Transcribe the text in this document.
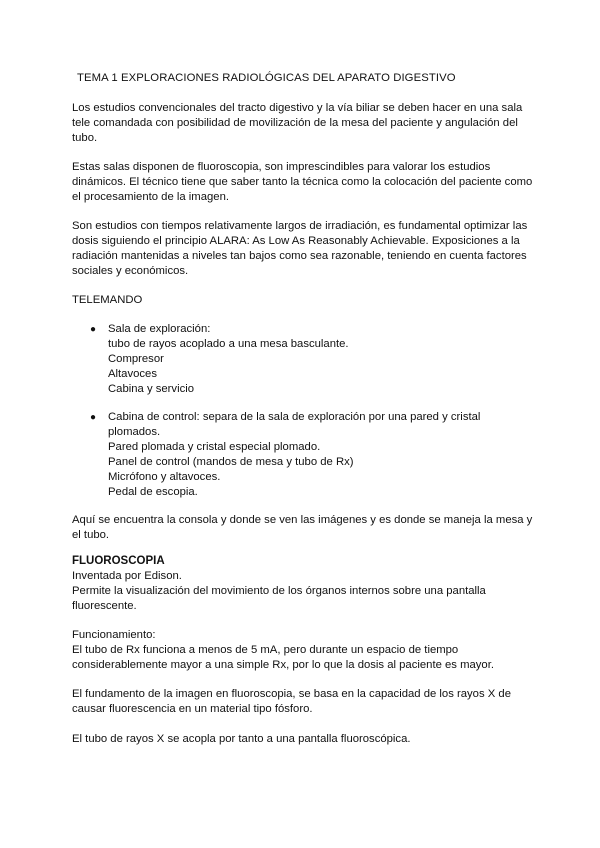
TEMA 1 EXPLORACIONES RADIOLÓGICAS DEL APARATO DIGESTIVO
Los estudios convencionales del tracto digestivo y la vía biliar se deben hacer en una sala
tele comandada con posibilidad de movilización de la mesa del paciente y angulación del
tubo.
Estas salas disponen de fluoroscopia, son imprescindibles para valorar los estudios
dinámicos. El técnico tiene que saber tanto la técnica como la colocación del paciente como
el procesamiento de la imagen.
Son estudios con tiempos relativamente largos de irradiación, es fundamental optimizar las
dosis siguiendo el principio ALARA: As Low As Reasonably Achievable. Exposiciones a la
radiación mantenidas a niveles tan bajos como sea razonable, teniendo en cuenta factores
sociales y económicos.
TELEMANDO
●	Sala de exploración:
tubo de rayos acoplado a una mesa basculante.
Compresor
Altavoces
Cabina y servicio
●	Cabina de control: separa de la sala de exploración por una pared y cristal
plomados.
Pared plomada y cristal especial plomado.
Panel de control (mandos de mesa y tubo de Rx)
Micrófono y altavoces.
Pedal de escopia.
Aquí se encuentra la consola y donde se ven las imágenes y es donde se maneja la mesa y
el tubo.
FLUOROSCOPIA
Inventada por Edison.
Permite la visualización del movimiento de los órganos internos sobre una pantalla
fluorescente.
Funcionamiento:
El tubo de Rx funciona a menos de 5 mA, pero durante un espacio de tiempo
considerablemente mayor a una simple Rx, por lo que la dosis al paciente es mayor.
El fundamento de la imagen en fluoroscopia, se basa en la capacidad de los rayos X de
causar fluorescencia en un material tipo fósforo.
El tubo de rayos X se acopla por tanto a una pantalla fluoroscópica.
